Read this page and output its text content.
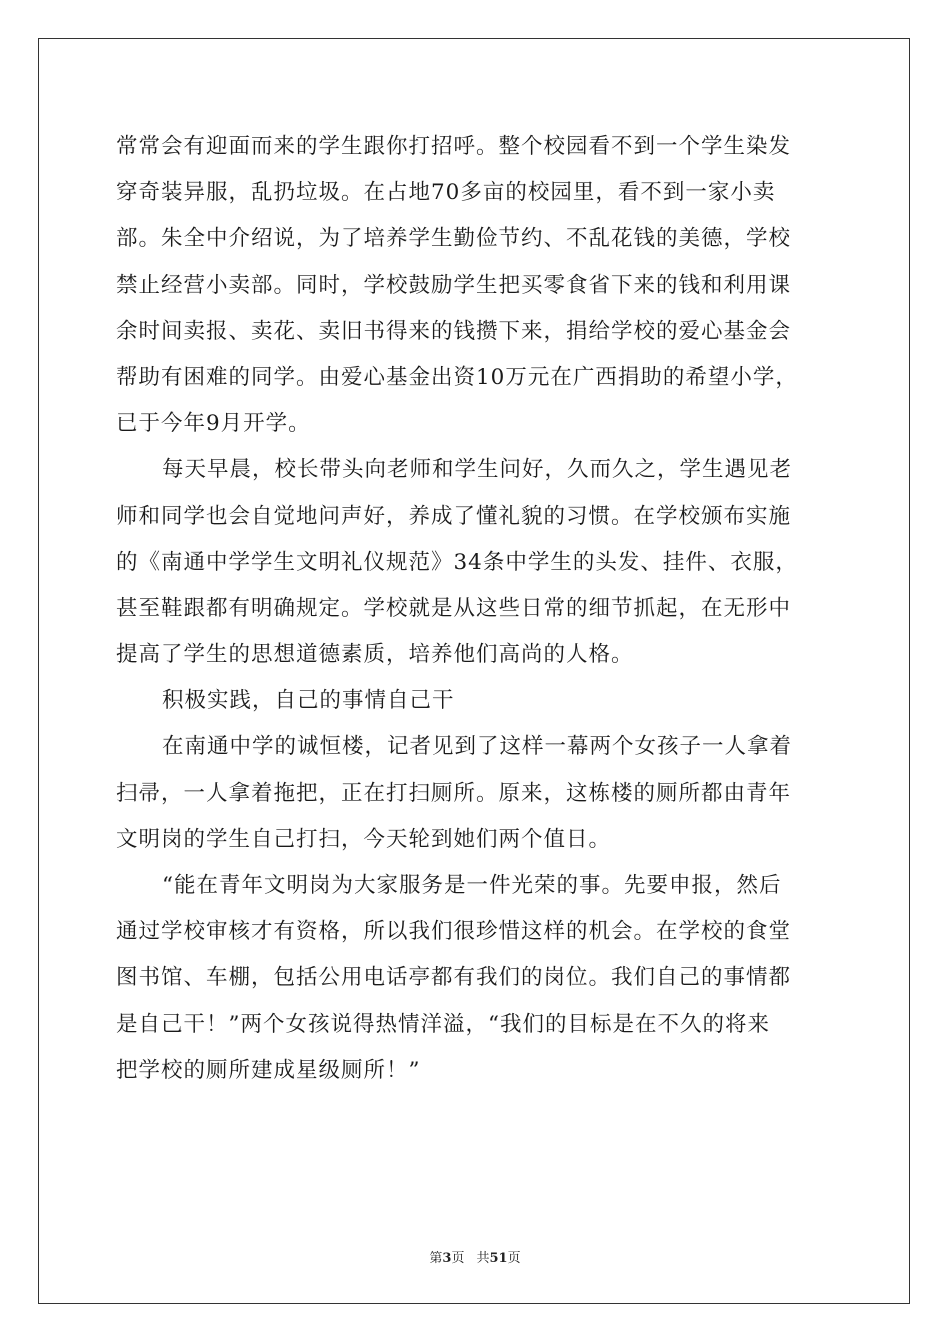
常常会有迎面而来的学生跟你打招呼。整个校园看不到一个学生染发
穿奇装异服，乱扔垃圾。在占地70多亩的校园里，看不到一家小卖
部。朱全中介绍说，为了培养学生勤俭节约、不乱花钱的美德，学校
禁止经营小卖部。同时，学校鼓励学生把买零食省下来的钱和利用课
余时间卖报、卖花、卖旧书得来的钱攒下来，捐给学校的爱心基金会
帮助有困难的同学。由爱心基金出资10万元在广西捐助的希望小学，
已于今年9月开学。

每天早晨，校长带头向老师和学生问好，久而久之，学生遇见老
师和同学也会自觉地问声好，养成了懂礼貌的习惯。在学校颁布实施
的《南通中学学生文明礼仪规范》34条中学生的头发、挂件、衣服，
甚至鞋跟都有明确规定。学校就是从这些日常的细节抓起，在无形中
提高了学生的思想道德素质，培养他们高尚的人格。

积极实践，自己的事情自己干

在南通中学的诚恒楼，记者见到了这样一幕两个女孩子一人拿着
扫帚，一人拿着拖把，正在打扫厕所。原来，这栋楼的厕所都由青年
文明岗的学生自己打扫，今天轮到她们两个值日。

“能在青年文明岗为大家服务是一件光荣的事。先要申报，然后
通过学校审核才有资格，所以我们很珍惜这样的机会。在学校的食堂
图书馆、车棚，包括公用电话亭都有我们的岗位。我们自己的事情都
是自己干！”两个女孩说得热情洋溢，“我们的目标是在不久的将来
把学校的厕所建成星级厕所！”

第3页 共51页
